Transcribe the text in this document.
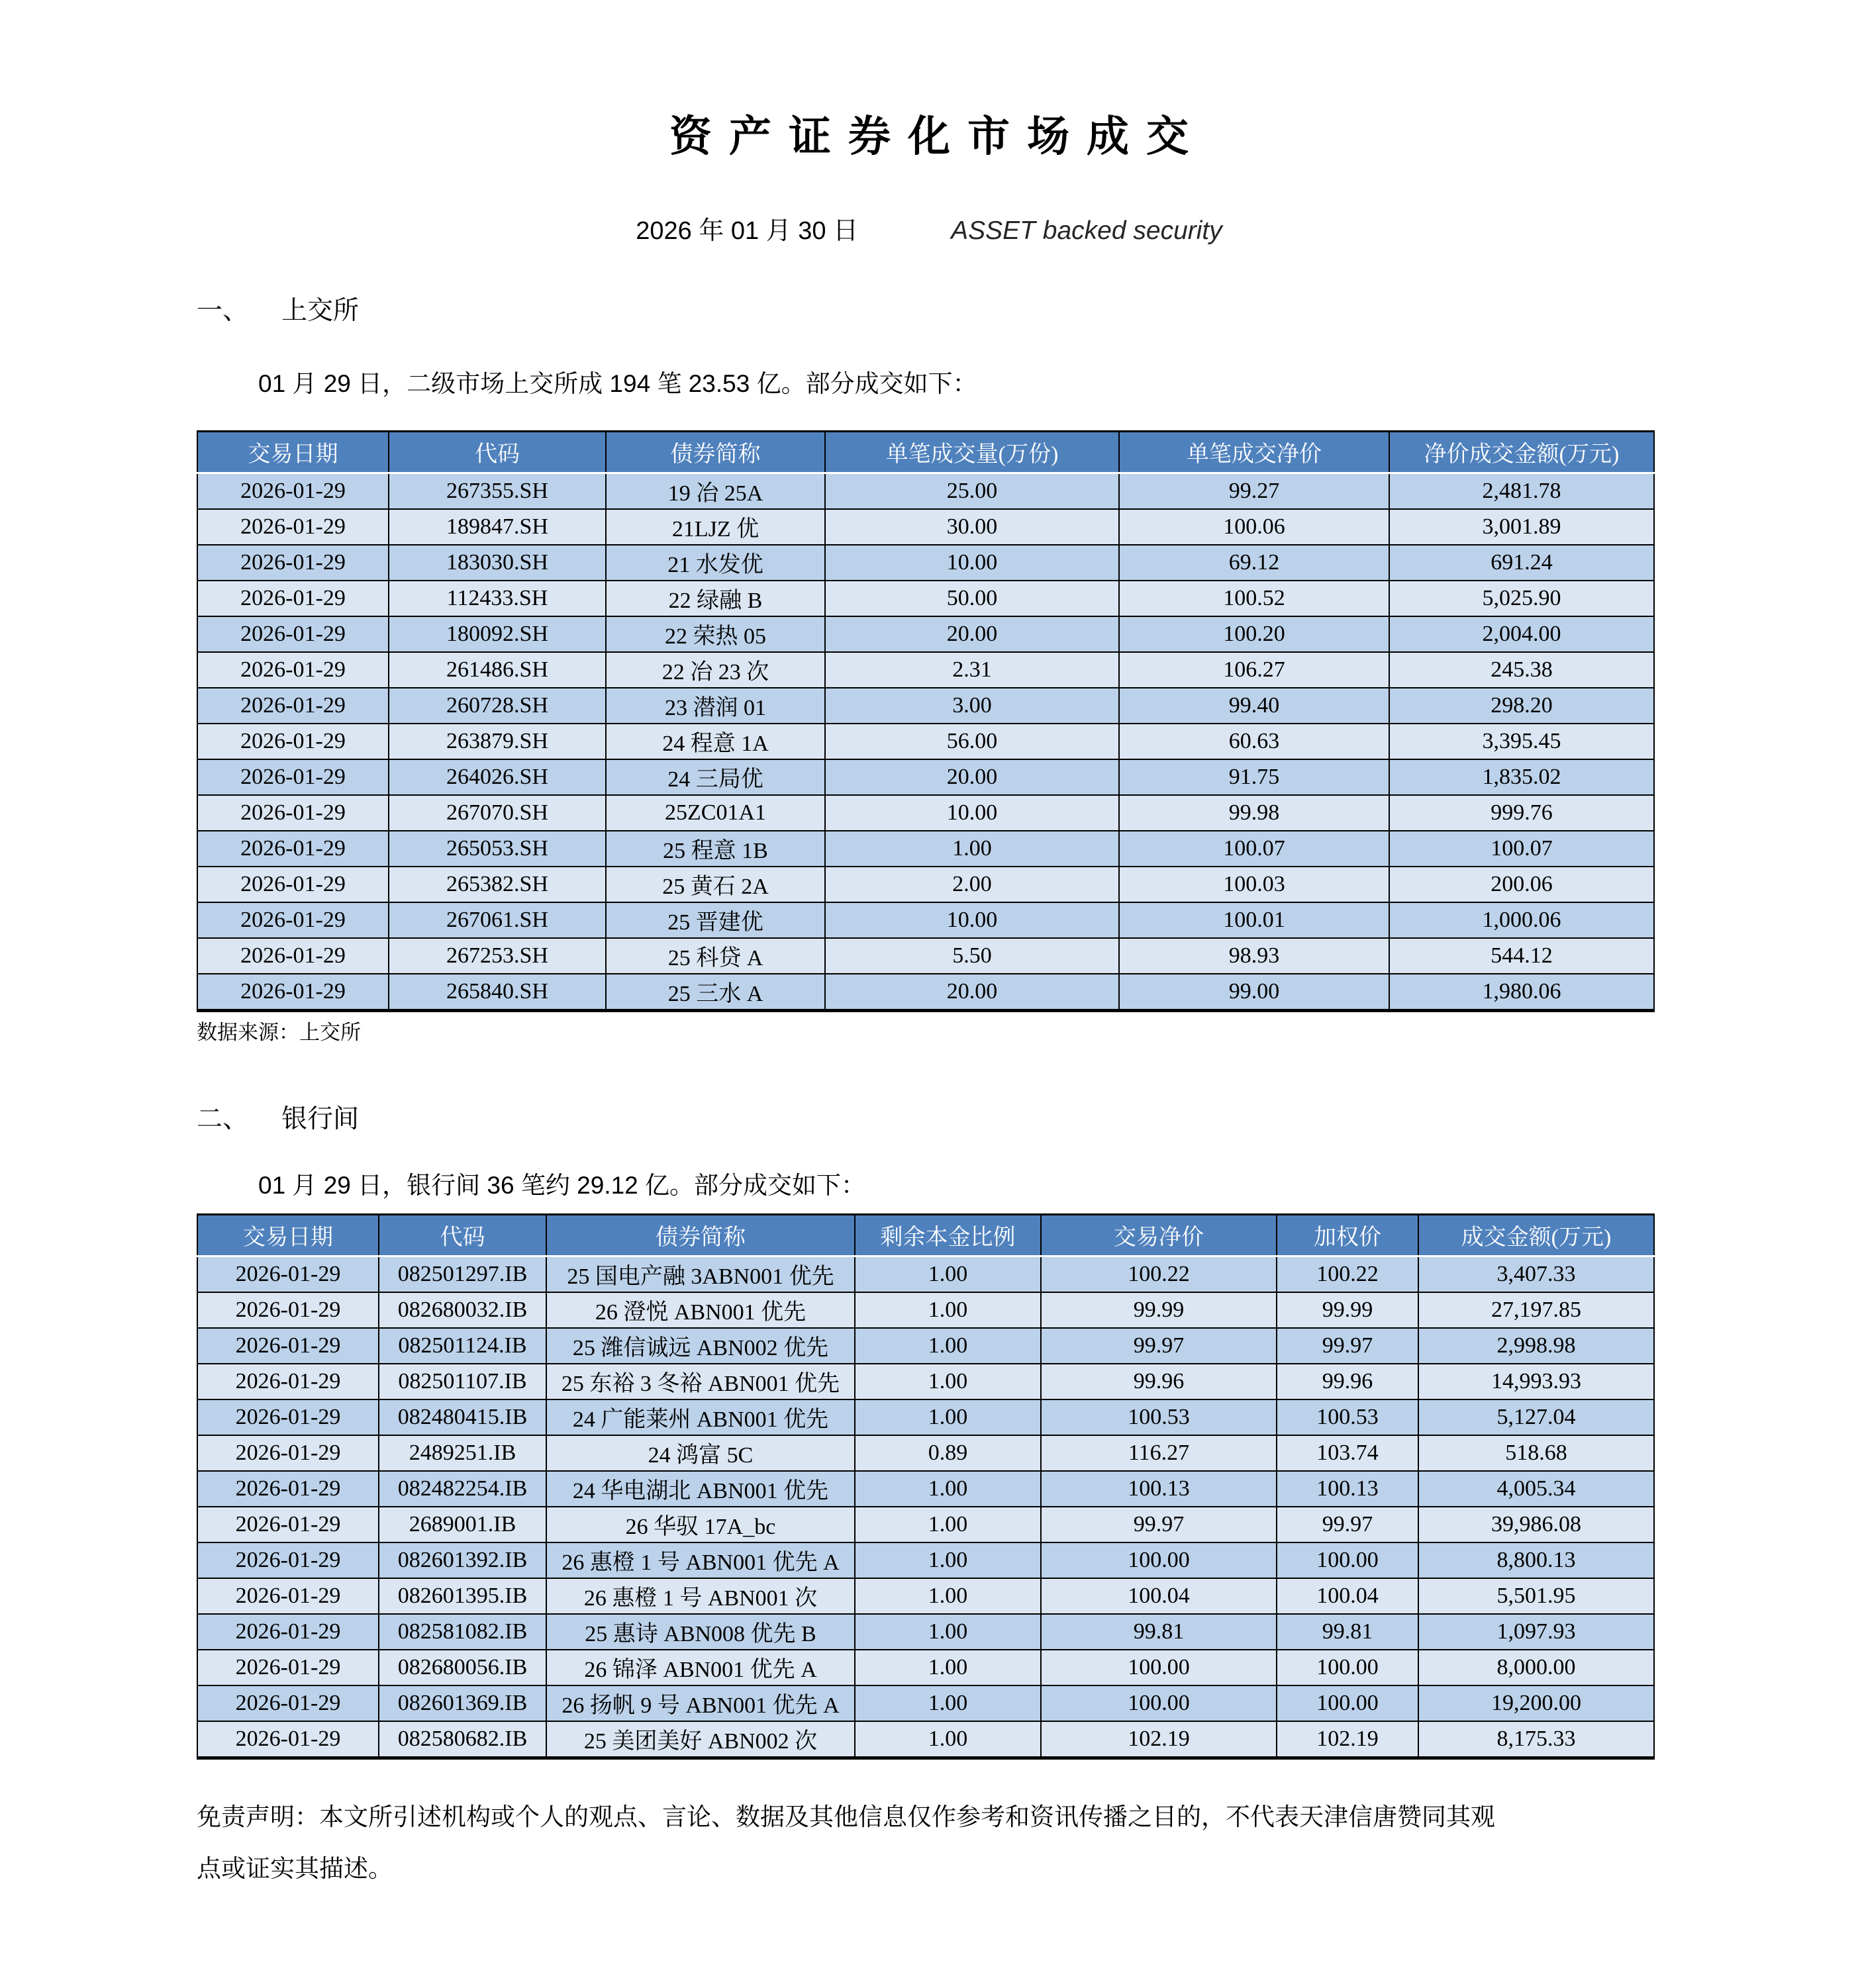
资产证券化市场成交
2026 年 01 月 30 日	ASSET backed security
一、 上交所
01 月 29 日，二级市场上交所成 194 笔 23.53 亿。部分成交如下：
交易日期	代码	债券简称	单笔成交量(万份)	单笔成交净价	净价成交金额(万元)
2026-01-29	267355.SH	19 冶 25A	25.00	99.27	2,481.78
2026-01-29	189847.SH	21LJZ 优	30.00	100.06	3,001.89
2026-01-29	183030.SH	21 水发优	10.00	69.12	691.24
2026-01-29	112433.SH	22 绿融 B	50.00	100.52	5,025.90
2026-01-29	180092.SH	22 荣热 05	20.00	100.20	2,004.00
2026-01-29	261486.SH	22 冶 23 次	2.31	106.27	245.38
2026-01-29	260728.SH	23 潜润 01	3.00	99.40	298.20
2026-01-29	263879.SH	24 程意 1A	56.00	60.63	3,395.45
2026-01-29	264026.SH	24 三局优	20.00	91.75	1,835.02
2026-01-29	267070.SH	25ZC01A1	10.00	99.98	999.76
2026-01-29	265053.SH	25 程意 1B	1.00	100.07	100.07
2026-01-29	265382.SH	25 黄石 2A	2.00	100.03	200.06
2026-01-29	267061.SH	25 晋建优	10.00	100.01	1,000.06
2026-01-29	267253.SH	25 科贷 A	5.50	98.93	544.12
2026-01-29	265840.SH	25 三水 A	20.00	99.00	1,980.06
数据来源：上交所
二、 银行间
01 月 29 日，银行间 36 笔约 29.12 亿。部分成交如下：
交易日期	代码	债券简称	剩余本金比例	交易净价	加权价	成交金额(万元)
2026-01-29	082501297.IB	25 国电产融 3ABN001 优先	1.00	100.22	100.22	3,407.33
2026-01-29	082680032.IB	26 澄悦 ABN001 优先	1.00	99.99	99.99	27,197.85
2026-01-29	082501124.IB	25 潍信诚远 ABN002 优先	1.00	99.97	99.97	2,998.98
2026-01-29	082501107.IB	25 东裕 3 冬裕 ABN001 优先	1.00	99.96	99.96	14,993.93
2026-01-29	082480415.IB	24 广能莱州 ABN001 优先	1.00	100.53	100.53	5,127.04
2026-01-29	2489251.IB	24 鸿富 5C	0.89	116.27	103.74	518.68
2026-01-29	082482254.IB	24 华电湖北 ABN001 优先	1.00	100.13	100.13	4,005.34
2026-01-29	2689001.IB	26 华驭 17A_bc	1.00	99.97	99.97	39,986.08
2026-01-29	082601392.IB	26 惠橙 1 号 ABN001 优先 A	1.00	100.00	100.00	8,800.13
2026-01-29	082601395.IB	26 惠橙 1 号 ABN001 次	1.00	100.04	100.04	5,501.95
2026-01-29	082581082.IB	25 惠诗 ABN008 优先 B	1.00	99.81	99.81	1,097.93
2026-01-29	082680056.IB	26 锦泽 ABN001 优先 A	1.00	100.00	100.00	8,000.00
2026-01-29	082601369.IB	26 扬帆 9 号 ABN001 优先 A	1.00	100.00	100.00	19,200.00
2026-01-29	082580682.IB	25 美团美好 ABN002 次	1.00	102.19	102.19	8,175.33
免责声明：本文所引述机构或个人的观点、言论、数据及其他信息仅作参考和资讯传播之目的，不代表天津信唐赞同其观
点或证实其描述。
